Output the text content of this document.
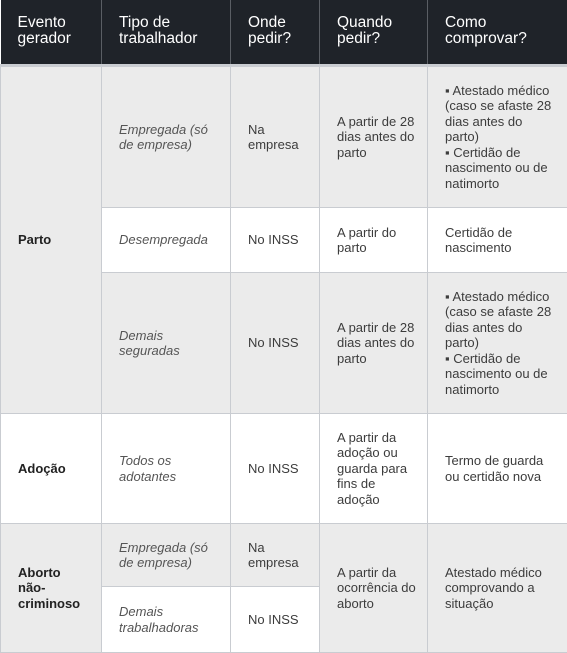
Evento gerador	Tipo de trabalhador	Onde pedir?	Quando pedir?	Como comprovar?
Parto	Empregada (só de empresa)	Na empresa	A partir de 28 dias antes do parto	▪ Atestado médico (caso se afaste 28 dias antes do parto)
▪ Certidão de nascimento ou de natimorto

	Desempregada	No INSS	A partir do parto	Certidão de nascimento

	Demais seguradas	No INSS	A partir de 28 dias antes do parto	▪ Atestado médico (caso se afaste 28 dias antes do parto)
▪ Certidão de nascimento ou de natimorto

Adoção	Todos os adotantes	No INSS	A partir da adoção ou guarda para fins de adoção	Termo de guarda ou certidão nova
Aborto não-criminoso	Empregada (só de empresa)	Na empresa	A partir da ocorrência do aborto	Atestado médico comprovando a situação
	Demais trabalhadoras	No INSS		
